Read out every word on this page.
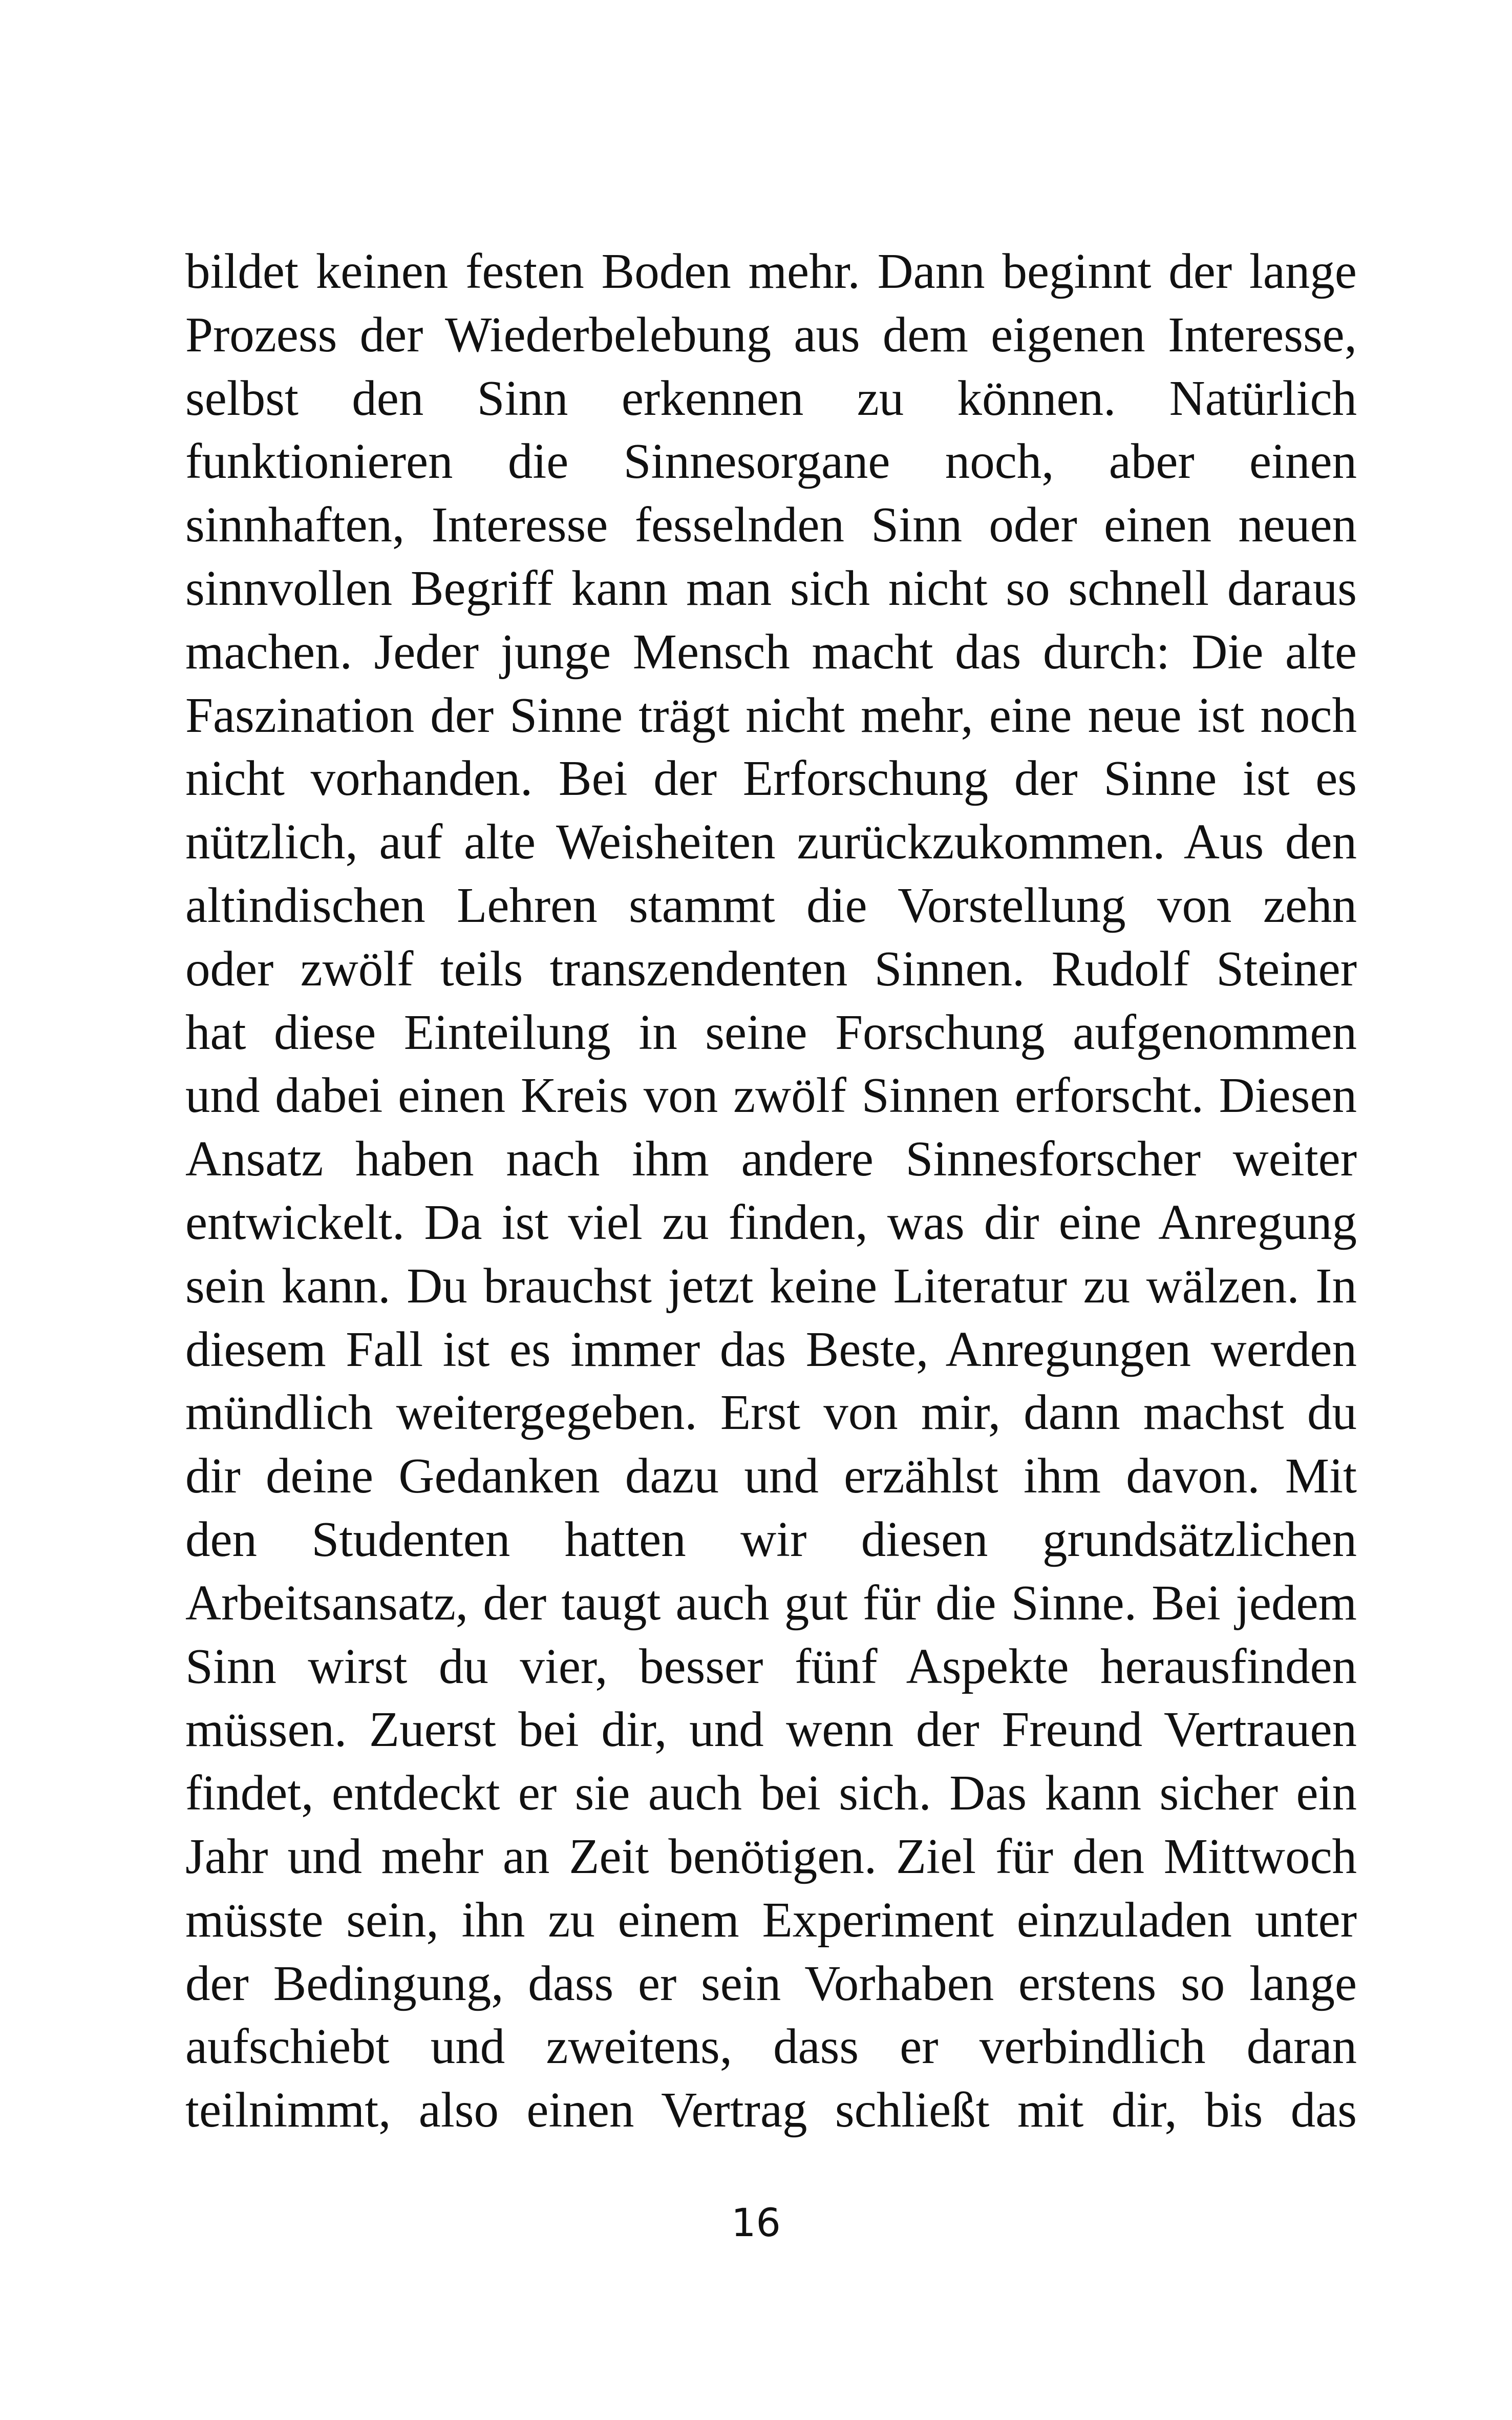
bildet keinen festen Boden mehr. Dann beginnt der lange
Prozess der Wiederbelebung aus dem eigenen Interesse,
selbst den Sinn erkennen zu können. Natürlich
funktionieren die Sinnesorgane noch, aber einen
sinnhaften, Interesse fesselnden Sinn oder einen neuen
sinnvollen Begriff kann man sich nicht so schnell daraus
machen. Jeder junge Mensch macht das durch: Die alte
Faszination der Sinne trägt nicht mehr, eine neue ist noch
nicht vorhanden. Bei der Erforschung der Sinne ist es
nützlich, auf alte Weisheiten zurückzukommen. Aus den
altindischen Lehren stammt die Vorstellung von zehn
oder zwölf teils transzendenten Sinnen. Rudolf Steiner
hat diese Einteilung in seine Forschung aufgenommen
und dabei einen Kreis von zwölf Sinnen erforscht. Diesen
Ansatz haben nach ihm andere Sinnesforscher weiter
entwickelt. Da ist viel zu finden, was dir eine Anregung
sein kann. Du brauchst jetzt keine Literatur zu wälzen. In
diesem Fall ist es immer das Beste, Anregungen werden
mündlich weitergegeben. Erst von mir, dann machst du
dir deine Gedanken dazu und erzählst ihm davon. Mit
den Studenten hatten wir diesen grundsätzlichen
Arbeitsansatz, der taugt auch gut für die Sinne. Bei jedem
Sinn wirst du vier, besser fünf Aspekte herausfinden
müssen. Zuerst bei dir, und wenn der Freund Vertrauen
findet, entdeckt er sie auch bei sich. Das kann sicher ein
Jahr und mehr an Zeit benötigen. Ziel für den Mittwoch
müsste sein, ihn zu einem Experiment einzuladen unter
der Bedingung, dass er sein Vorhaben erstens so lange
aufschiebt und zweitens, dass er verbindlich daran
teilnimmt, also einen Vertrag schließt mit dir, bis das
16
